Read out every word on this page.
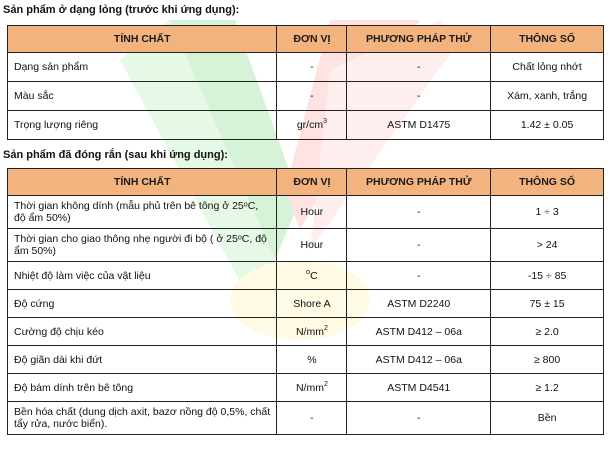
Sản phẩm ở dạng lỏng (trước khi ứng dụng):
TÍNH CHẤT	ĐƠN VỊ	PHƯƠNG PHÁP THỬ	THÔNG SỐ
Dạng sản phẩm	-	-	Chất lỏng nhớt
Màu sắc	-	-	Xám, xanh, trắng
Trọng lượng riêng	$gr/cm^3$	ASTM D1475	1.42 ± 0.05
Sản phẩm đã đóng rắn (sau khi ứng dụng):
TÍNH CHẤT	ĐƠN VỊ	PHƯƠNG PHÁP THỬ	THÔNG SỐ
Thời gian không dính (mẫu phủ trên bê tông ở 25ᵒC, độ ẩm 50%)	Hour	-	1 ÷ 3
Thời gian cho giao thông nhẹ người đi bộ ( ở 25ᵒC, độ ẩm 50%)	Hour	-	> 24
Nhiệt độ làm việc của vật liệu	$^o$C	-	-15 ÷ 85
Độ cứng	Shore A	ASTM D2240	75 ± 15
Cường độ chịu kéo	$N/mm^2$	ASTM D412 – 06a	≥ 2.0
Độ giãn dài khi đứt	%	ASTM D412 – 06a	≥ 800
Độ bám dính trên bê tông	$N/mm^2$	ASTM D4541	≥ 1.2
Bền hóa chất (dung dịch axit, bazơ nồng độ 0,5%, chất tẩy rửa, nước biển).	-	-	Bền
